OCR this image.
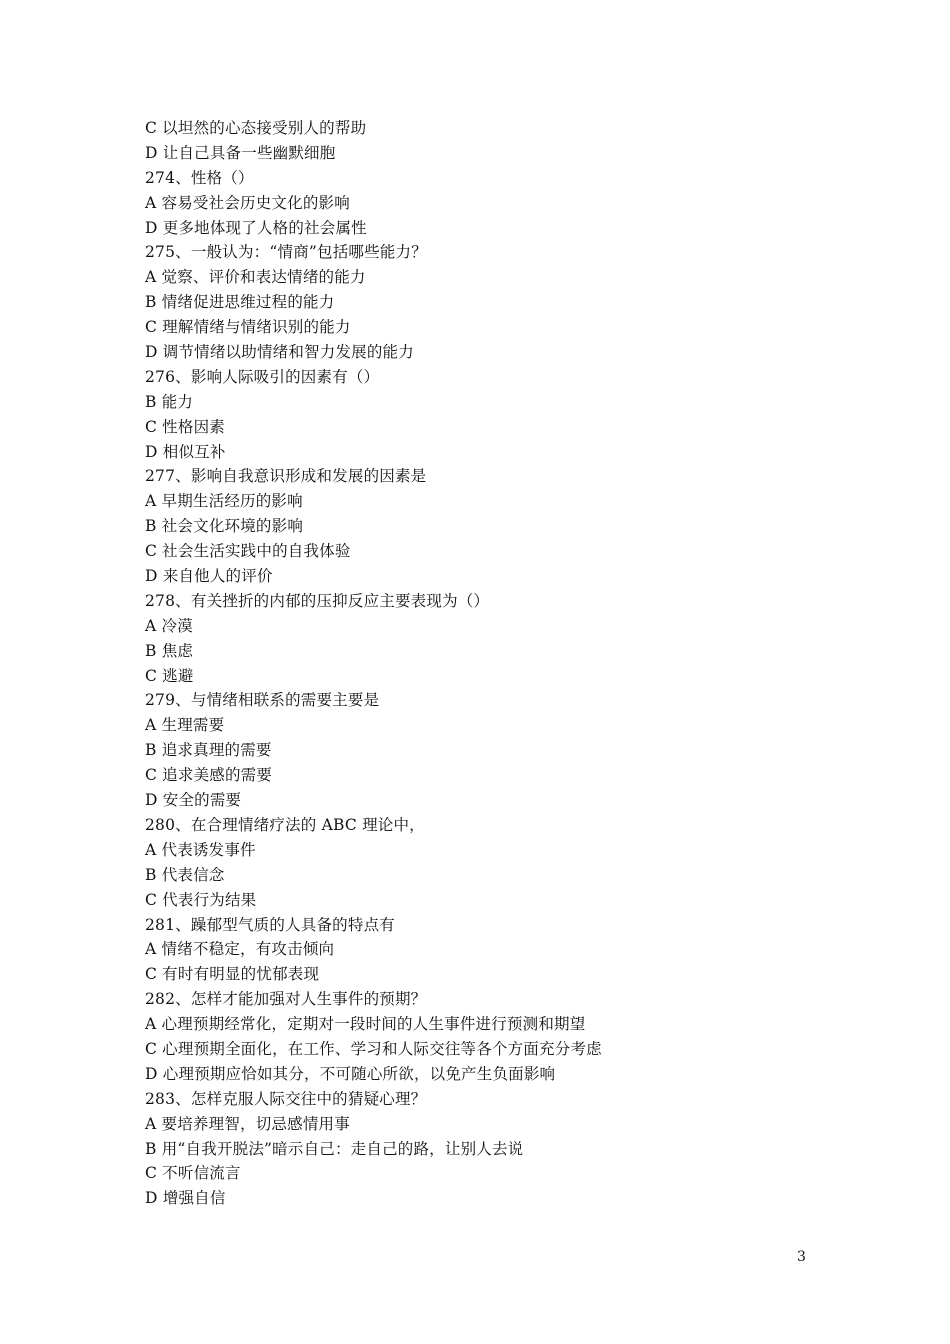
C 以坦然的心态接受别人的帮助
D 让自己具备一些幽默细胞
274、性格（）
A 容易受社会历史文化的影响
D 更多地体现了人格的社会属性
275、一般认为：“情商”包括哪些能力？
A 觉察、评价和表达情绪的能力
B 情绪促进思维过程的能力
C 理解情绪与情绪识别的能力
D 调节情绪以助情绪和智力发展的能力
276、影响人际吸引的因素有（）
B 能力
C 性格因素
D 相似互补
277、影响自我意识形成和发展的因素是
A 早期生活经历的影响
B 社会文化环境的影响
C 社会生活实践中的自我体验
D 来自他人的评价
278、有关挫折的内郁的压抑反应主要表现为（）
A 冷漠
B 焦虑
C 逃避
279、与情绪相联系的需要主要是
A 生理需要
B 追求真理的需要
C 追求美感的需要
D 安全的需要
280、在合理情绪疗法的 ABC 理论中，
A 代表诱发事件
B 代表信念
C 代表行为结果
281、躁郁型气质的人具备的特点有
A 情绪不稳定，有攻击倾向
C 有时有明显的忧郁表现
282、怎样才能加强对人生事件的预期？
A 心理预期经常化，定期对一段时间的人生事件进行预测和期望
C 心理预期全面化，在工作、学习和人际交往等各个方面充分考虑
D 心理预期应恰如其分，不可随心所欲，以免产生负面影响
283、怎样克服人际交往中的猜疑心理？
A 要培养理智，切忌感情用事
B 用“自我开脱法”暗示自己：走自己的路，让别人去说
C 不听信流言
D 增强自信
3
